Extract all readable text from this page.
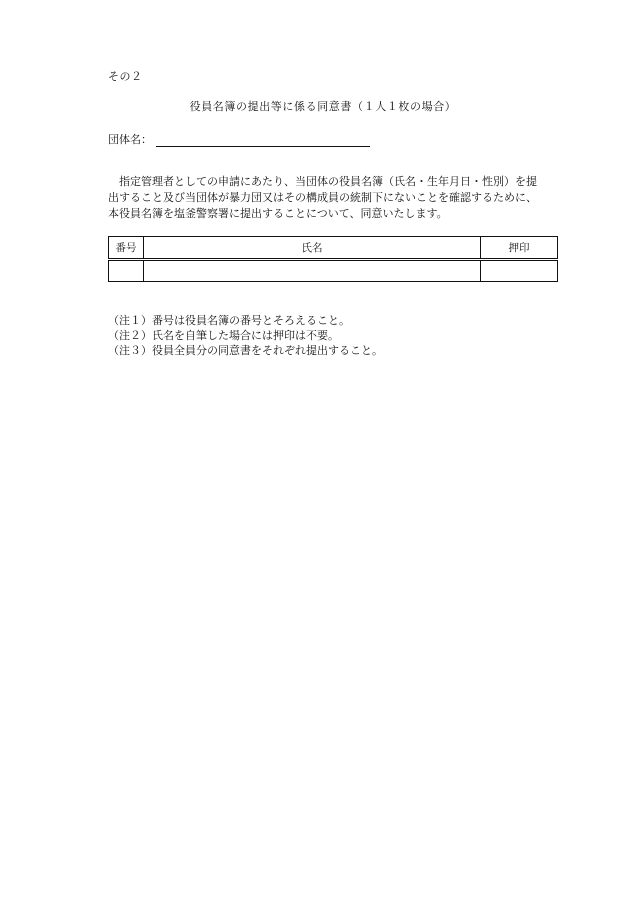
その２
役員名簿の提出等に係る同意書（１人１枚の場合）
団体名：
指定管理者としての申請にあたり、当団体の役員名簿（氏名・生年月日・性別）を提
出すること及び当団体が暴力団又はその構成員の統制下にないことを確認するために、
本役員名簿を塩釜警察署に提出することについて、同意いたします。
番号	氏名	押印

（注１）番号は役員名簿の番号とそろえること。
（注２）氏名を自筆した場合には押印は不要。
（注３）役員全員分の同意書をそれぞれ提出すること。
